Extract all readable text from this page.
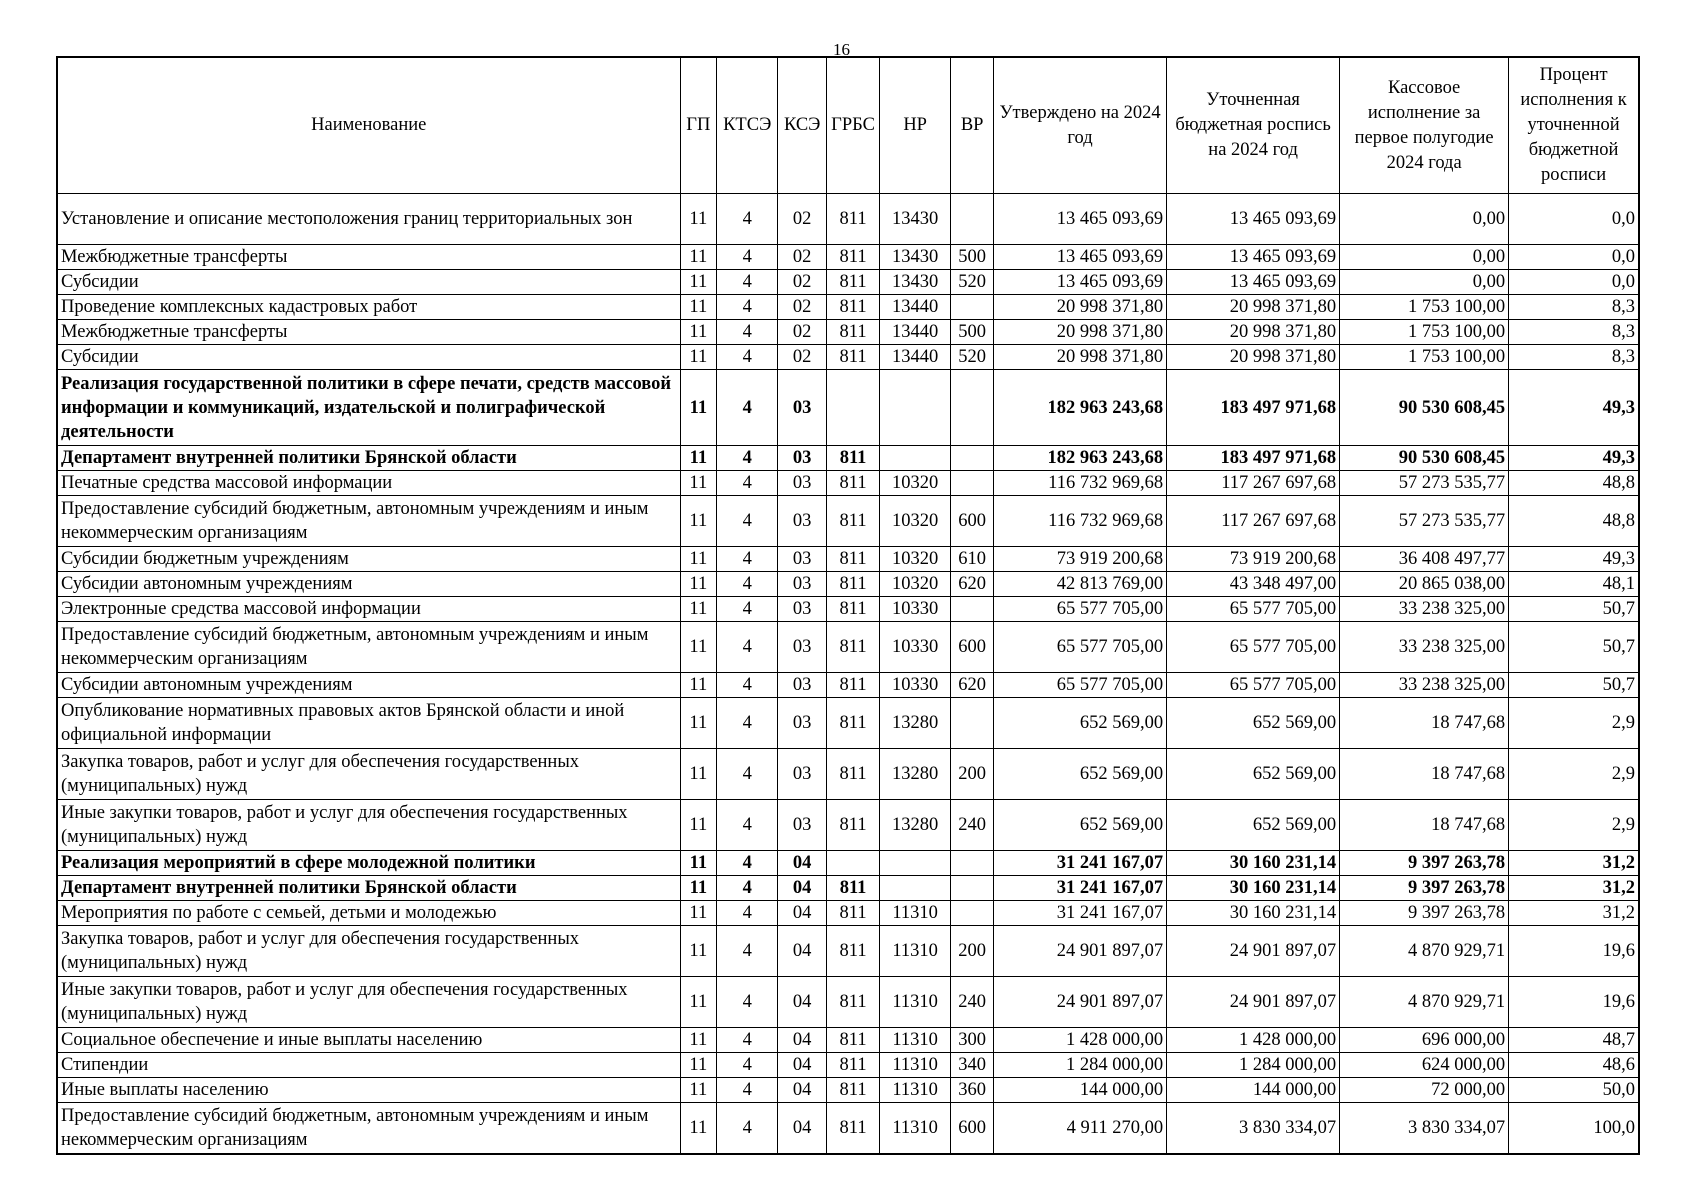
16
Наименование	ГП	КТСЭ	КСЭ	ГРБС	НР	ВР	Утверждено на 2024 год	Уточненная бюджетная роспись на 2024 год	Кассовое исполнение за первое полугодие 2024 года	Процент исполнения к уточненной бюджетной росписи
Установление и описание местоположения границ территориальных зон	11	4	02	811	13430		13 465 093,69	13 465 093,69	0,00	0,0
Межбюджетные трансферты	11	4	02	811	13430	500	13 465 093,69	13 465 093,69	0,00	0,0
Субсидии	11	4	02	811	13430	520	13 465 093,69	13 465 093,69	0,00	0,0
Проведение комплексных кадастровых работ	11	4	02	811	13440		20 998 371,80	20 998 371,80	1 753 100,00	8,3
Межбюджетные трансферты	11	4	02	811	13440	500	20 998 371,80	20 998 371,80	1 753 100,00	8,3
Субсидии	11	4	02	811	13440	520	20 998 371,80	20 998 371,80	1 753 100,00	8,3
Реализация государственной политики в сфере печати, средств массовой информации и коммуникаций, издательской и полиграфической деятельности	11	4	03				182 963 243,68	183 497 971,68	90 530 608,45	49,3
Департамент внутренней политики Брянской области	11	4	03	811			182 963 243,68	183 497 971,68	90 530 608,45	49,3
Печатные средства массовой информации	11	4	03	811	10320		116 732 969,68	117 267 697,68	57 273 535,77	48,8
Предоставление субсидий бюджетным, автономным учреждениям и иным некоммерческим организациям	11	4	03	811	10320	600	116 732 969,68	117 267 697,68	57 273 535,77	48,8
Субсидии бюджетным учреждениям	11	4	03	811	10320	610	73 919 200,68	73 919 200,68	36 408 497,77	49,3
Субсидии автономным учреждениям	11	4	03	811	10320	620	42 813 769,00	43 348 497,00	20 865 038,00	48,1
Электронные средства массовой информации	11	4	03	811	10330		65 577 705,00	65 577 705,00	33 238 325,00	50,7
Предоставление субсидий бюджетным, автономным учреждениям и иным некоммерческим организациям	11	4	03	811	10330	600	65 577 705,00	65 577 705,00	33 238 325,00	50,7
Субсидии автономным учреждениям	11	4	03	811	10330	620	65 577 705,00	65 577 705,00	33 238 325,00	50,7
Опубликование нормативных правовых актов Брянской области и иной официальной информации	11	4	03	811	13280		652 569,00	652 569,00	18 747,68	2,9
Закупка товаров, работ и услуг для обеспечения государственных (муниципальных) нужд	11	4	03	811	13280	200	652 569,00	652 569,00	18 747,68	2,9
Иные закупки товаров, работ и услуг для обеспечения государственных (муниципальных) нужд	11	4	03	811	13280	240	652 569,00	652 569,00	18 747,68	2,9
Реализация мероприятий в сфере молодежной политики	11	4	04				31 241 167,07	30 160 231,14	9 397 263,78	31,2
Департамент внутренней политики Брянской области	11	4	04	811			31 241 167,07	30 160 231,14	9 397 263,78	31,2
Мероприятия по работе с семьей, детьми и молодежью	11	4	04	811	11310		31 241 167,07	30 160 231,14	9 397 263,78	31,2
Закупка товаров, работ и услуг для обеспечения государственных (муниципальных) нужд	11	4	04	811	11310	200	24 901 897,07	24 901 897,07	4 870 929,71	19,6
Иные закупки товаров, работ и услуг для обеспечения государственных (муниципальных) нужд	11	4	04	811	11310	240	24 901 897,07	24 901 897,07	4 870 929,71	19,6
Социальное обеспечение и иные выплаты населению	11	4	04	811	11310	300	1 428 000,00	1 428 000,00	696 000,00	48,7
Стипендии	11	4	04	811	11310	340	1 284 000,00	1 284 000,00	624 000,00	48,6
Иные выплаты населению	11	4	04	811	11310	360	144 000,00	144 000,00	72 000,00	50,0
Предоставление субсидий бюджетным, автономным учреждениям и иным некоммерческим организациям	11	4	04	811	11310	600	4 911 270,00	3 830 334,07	3 830 334,07	100,0
